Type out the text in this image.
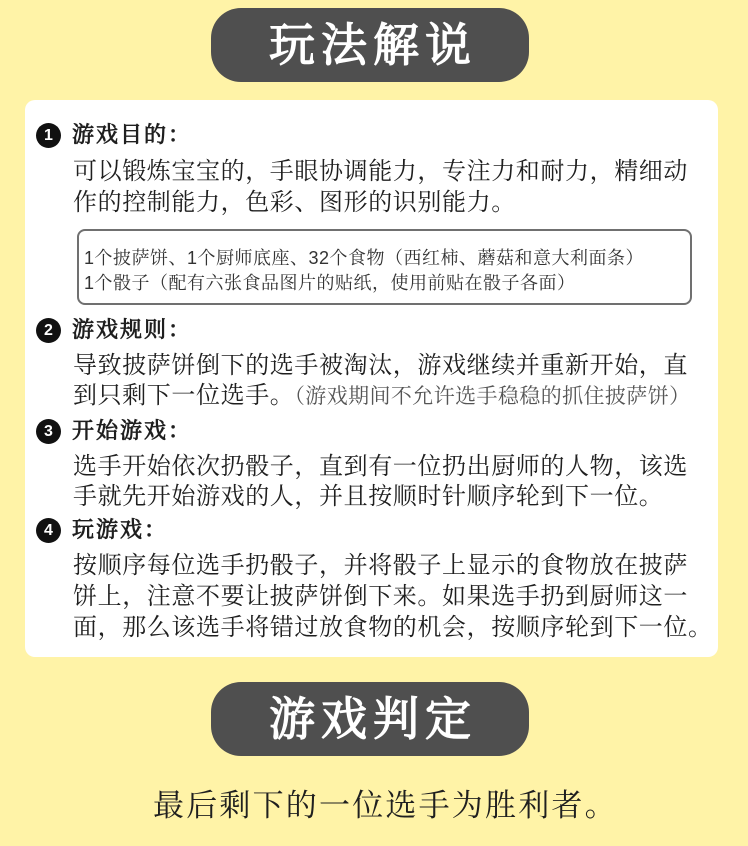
玩法解说
1 游戏目的：
可以锻炼宝宝的，手眼协调能力，专注力和耐力，精细动
作的控制能力，色彩、图形的识别能力。
1个披萨饼、1个厨师底座、32个食物（西红柿、蘑菇和意大利面条）
1个骰子（配有六张食品图片的贴纸，使用前贴在骰子各面）
2 游戏规则：
导致披萨饼倒下的选手被淘汰，游戏继续并重新开始，直
到只剩下一位选手。（游戏期间不允许选手稳稳的抓住披萨饼）
3 开始游戏：
选手开始依次扔骰子，直到有一位扔出厨师的人物，该选
手就先开始游戏的人，并且按顺时针顺序轮到下一位。
4 玩游戏：
按顺序每位选手扔骰子，并将骰子上显示的食物放在披萨
饼上，注意不要让披萨饼倒下来。如果选手扔到厨师这一
面，那么该选手将错过放食物的机会，按顺序轮到下一位。
游戏判定
最后剩下的一位选手为胜利者。
